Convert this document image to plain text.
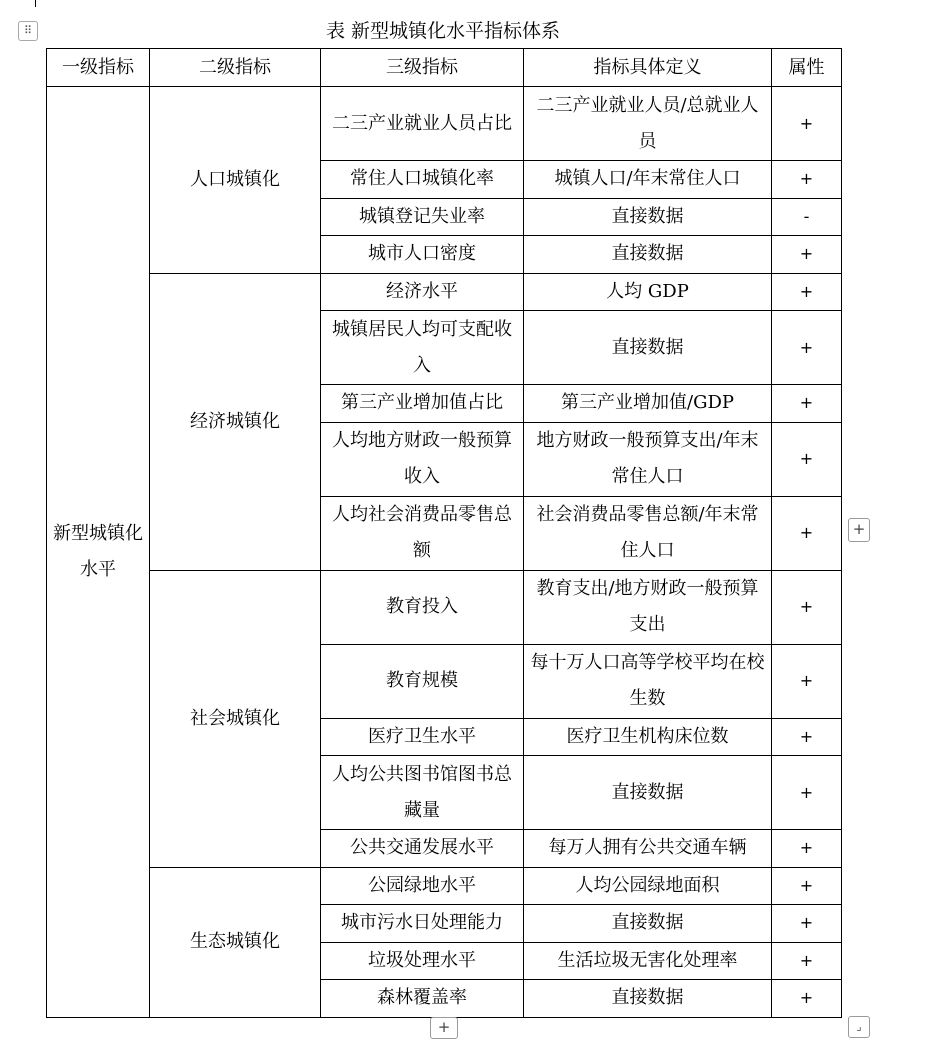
⠿	表 新型城镇化水平指标体系
一级指标	二级指标	三级指标	指标具体定义	属性
新型城镇化水平	人口城镇化	二三产业就业人员占比	二三产业就业人员/总就业人员	+
		常住人口城镇化率	城镇人口/年末常住人口	+
		城镇登记失业率	直接数据	-
		城市人口密度	直接数据	+
	经济城镇化	经济水平	人均 GDP	+
		城镇居民人均可支配收入	直接数据	+
		第三产业增加值占比	第三产业增加值/GDP	+
		人均地方财政一般预算收入	地方财政一般预算支出/年末常住人口	+
		人均社会消费品零售总额	社会消费品零售总额/年末常住人口	+
	社会城镇化	教育投入	教育支出/地方财政一般预算支出	+
		教育规模	每十万人口高等学校平均在校生数	+
		医疗卫生水平	医疗卫生机构床位数	+
		人均公共图书馆图书总藏量	直接数据	+
		公共交通发展水平	每万人拥有公共交通车辆	+
	生态城镇化	公园绿地水平	人均公园绿地面积	+
		城市污水日处理能力	直接数据	+
		垃圾处理水平	生活垃圾无害化处理率	+
		森林覆盖率	直接数据	+
+
+	⌟
